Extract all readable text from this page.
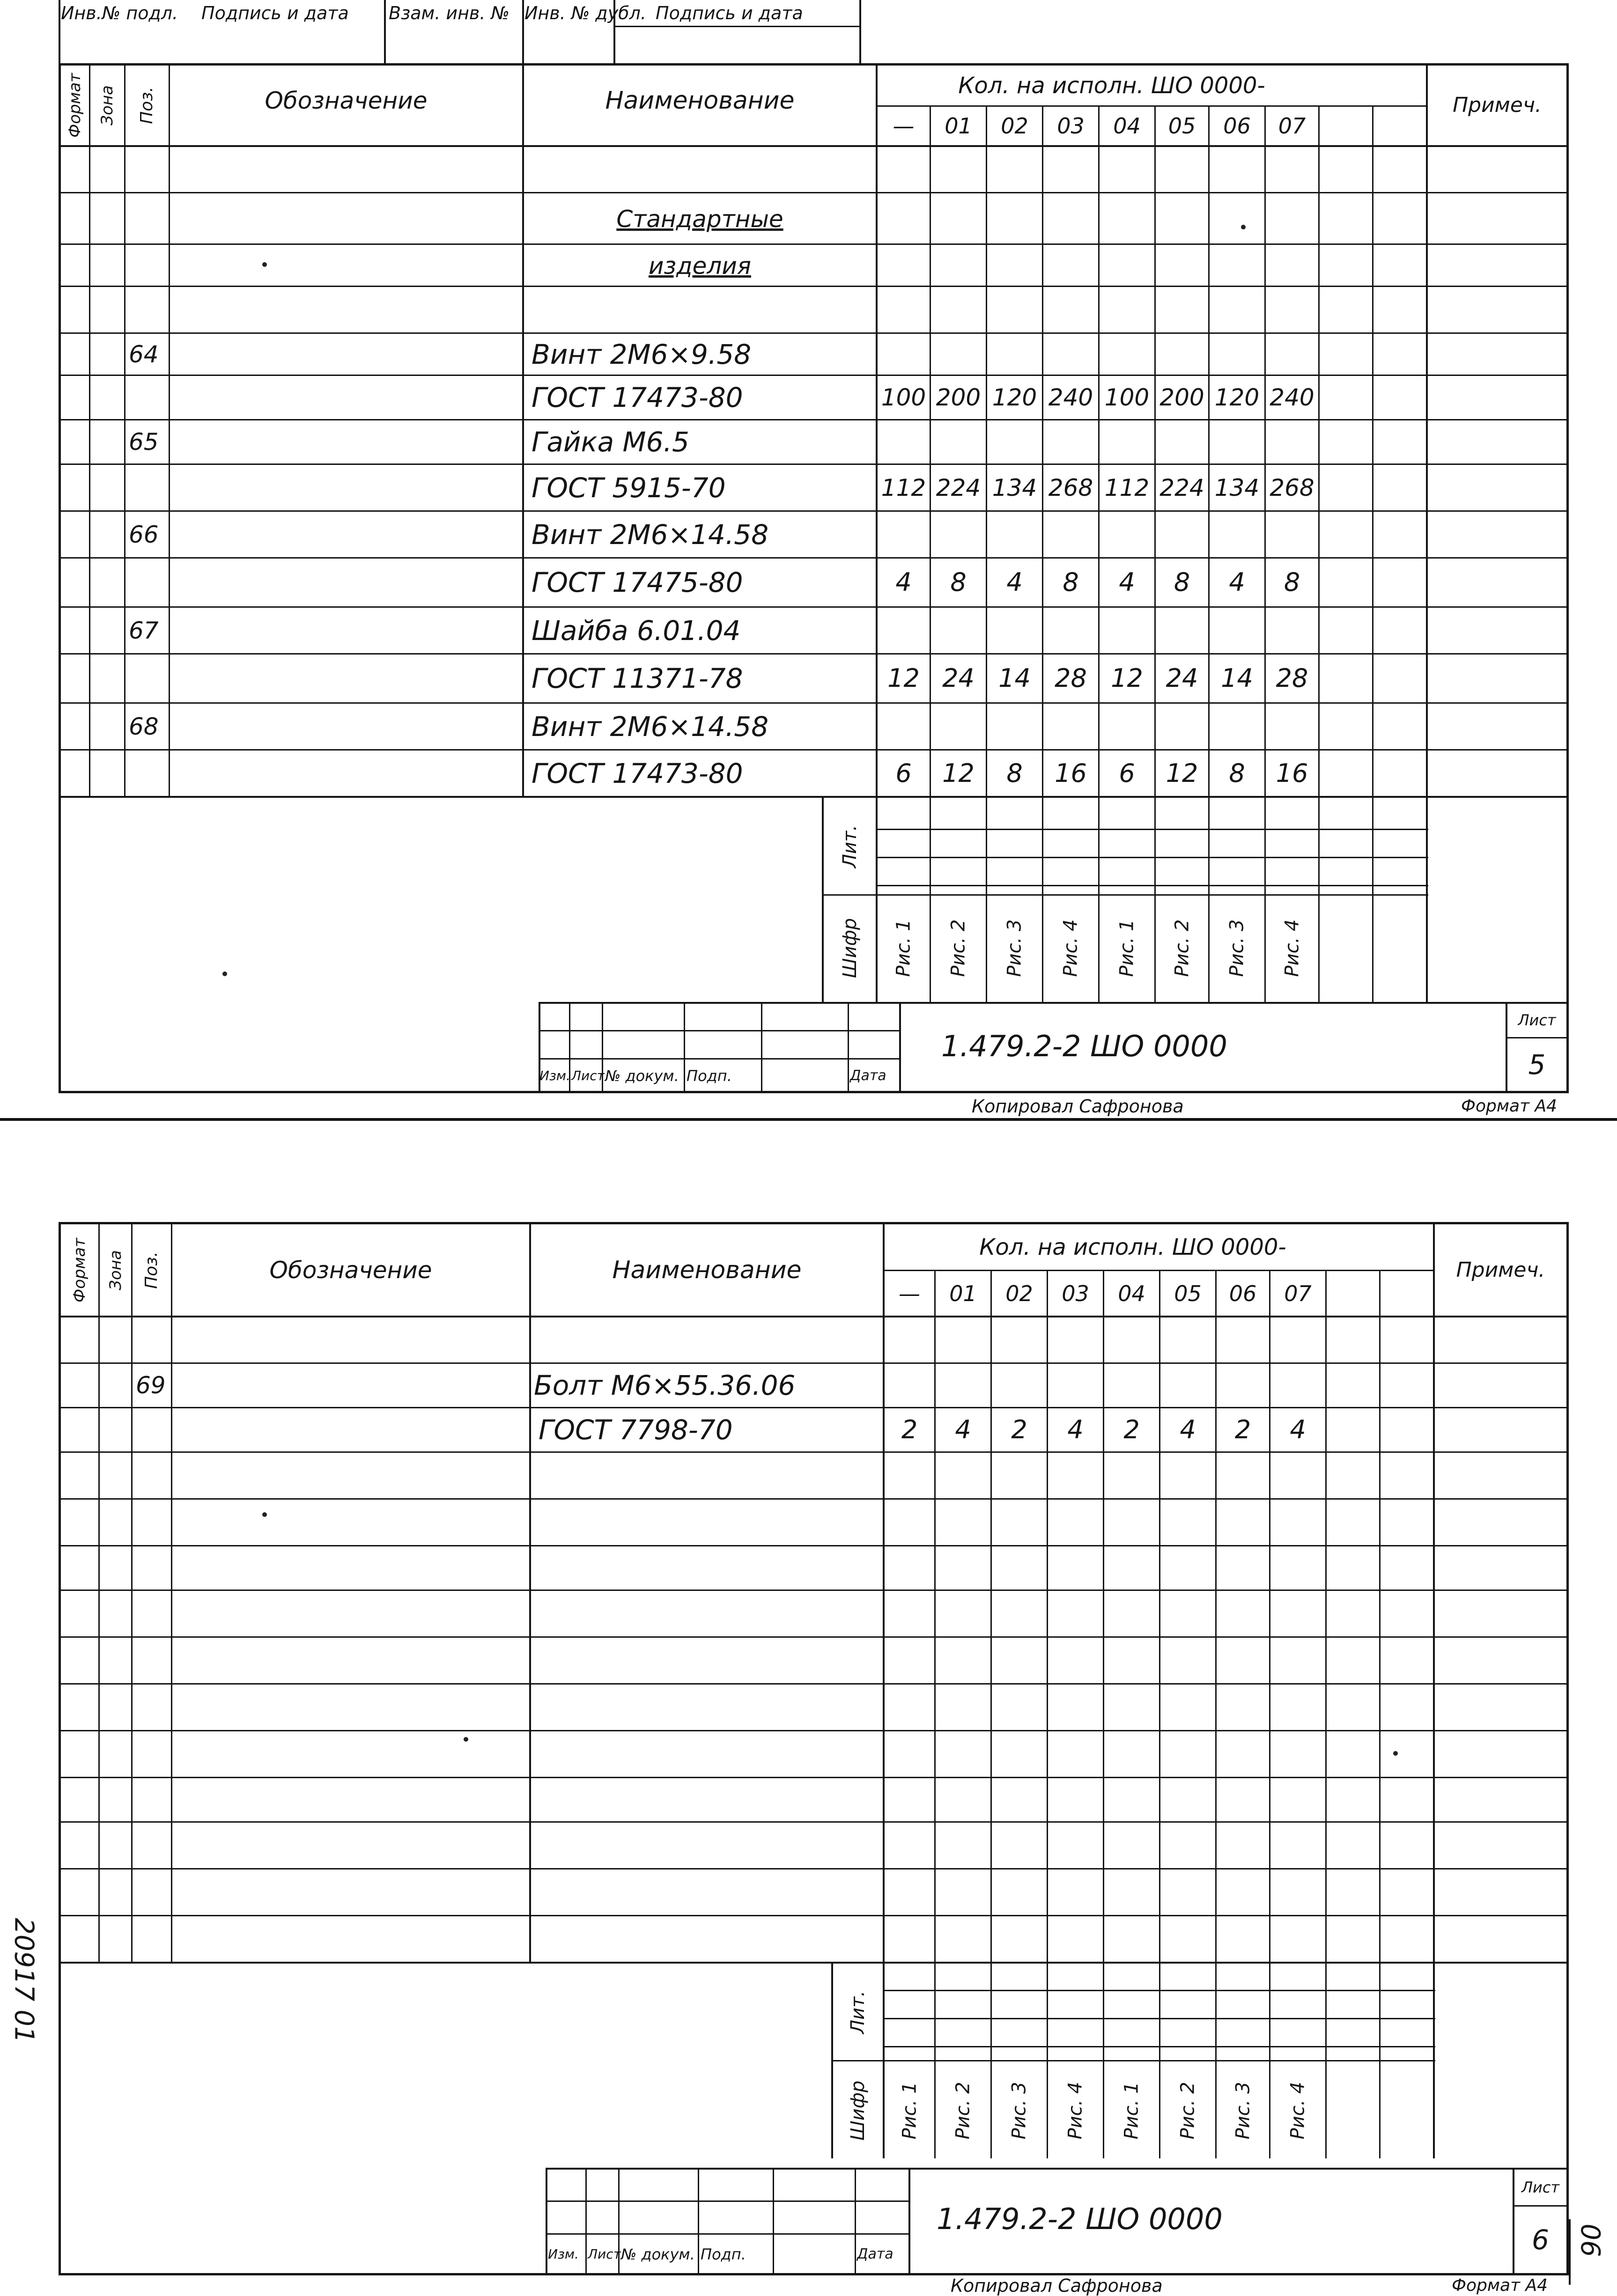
Инв.№ подл. Подпись и дата Взам. инв. № Инв. № дубл. Подпись и дата
Формат Зона Поз.	Обозначение	Наименование
Кол. на исполн. ШО 0000-
—	01	02	03	04	05	06	07
Примеч.
Стандартные
изделия
64	Винт 2М6×9.58
ГОСТ 17473-80	100 200 120 240 100 200 120 240
65	Гайка М6.5
ГОСТ 5915-70	112 224 134 268 112 224 134 268
66	Винт 2М6×14.58
ГОСТ 17475-80	4	8	4	8	4	8	4	8
67	Шайба 6.01.04
ГОСТ 11371-78	12 24 14 28 12 24 14 28
68	Винт 2М6×14.58
ГОСТ 17473-80	6	12	8	16	6	12	8	16
Лит.
Шифр Рис. 1 Рис. 2 Рис. 3 Рис. 4 Рис. 1 Рис. 2 Рис. 3 Рис. 4
Изм. Лист № докум. Подп.	Дата
1.479.2-2 ШО 0000
Лист
5
Копировал Сафронова	Формат А4
Формат Зона Поз.	Обозначение	Наименование
Кол. на исполн. ШО 0000-
—	01	02	03	04	05	06	07
Примеч.
69	Болт М6×55.36.06
ГОСТ 7798-70	2	4	2	4	2	4	2	4
Лит.
Шифр Рис. 1 Рис. 2 Рис. 3 Рис. 4 Рис. 1 Рис. 2 Рис. 3 Рис. 4
Изм. Лист № докум. Подп.	Дата
1.479.2-2 ШО 0000
Лист
6
Копировал Сафронова	Формат А4
20917 01
90
